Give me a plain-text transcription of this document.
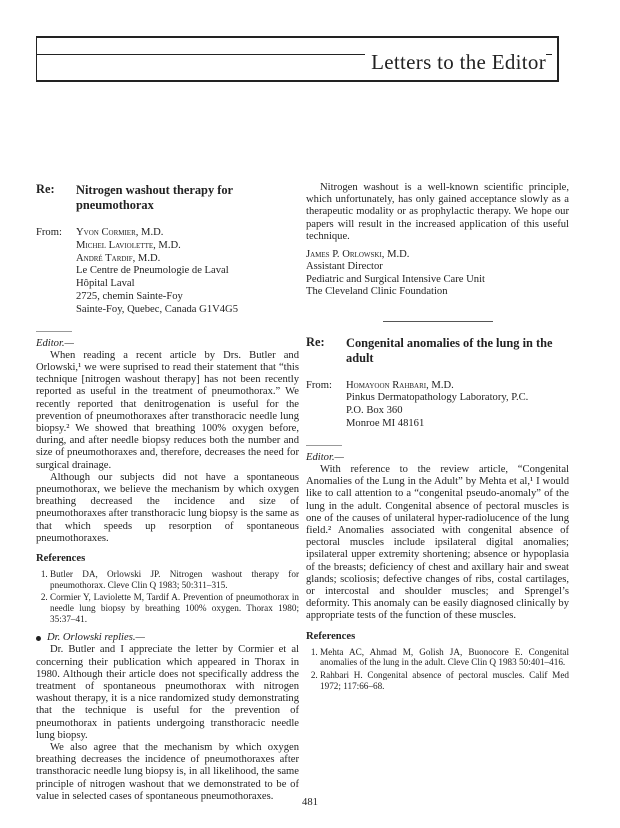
Letters to the Editor
Re:	Nitrogen washout therapy for pneumothorax
From:	Yvon Cormier, M.D.
Michel Laviolette, M.D.
André Tardif, M.D.
Le Centre de Pneumologie de Laval
Hôpital Laval
2725, chemin Sainte-Foy
Sainte-Foy, Quebec, Canada G1V4G5
Editor.—

When reading a recent article by Drs. Butler and Orlowski,¹ we were suprised to read their statement that “this technique [nitrogen washout therapy] has not been recently reported as useful in the treatment of pneumothorax.” We recently reported that denitrogenation is useful for the prevention of pneumothoraxes after transthoracic needle lung biopsy.² We showed that breathing 100% oxygen before, during, and after needle biopsy reduces both the number and size of pneumothoraxes and, therefore, decreases the need for surgical drainage.

Although our subjects did not have a spontaneous pneumothorax, we believe the mechanism by which oxygen breathing decreased the incidence and size of pneumothoraxes after transthoracic lung biopsy is the same as that which speeds up resorption of spontaneous pneumothoraxes.

References
1. Butler DA, Orlowski JP. Nitrogen washout therapy for pneumothorax. Cleve Clin Q 1983; 50:311–315.
2. Cormier Y, Laviolette M, Tardif A. Prevention of pneumothorax in needle lung biopsy by breathing 100% oxygen. Thorax 1980; 35:37–41.
Dr. Orlowski replies.—

Dr. Butler and I appreciate the letter by Cormier et al concerning their publication which appeared in Thorax in 1980. Although their article does not specifically address the treatment of spontaneous pneumothorax with nitrogen washout therapy, it is a nice randomized study demonstrating that the technique is useful for the prevention of pneumothorax in patients undergoing transthoracic needle lung biopsy.

We also agree that the mechanism by which oxygen breathing decreases the incidence of pneumothoraxes after transthoracic needle lung biopsy is, in all likelihood, the same principle of nitrogen washout that we demonstrated to be of value in selected cases of spontaneous pneumothoraxes.

Nitrogen washout is a well-known scientific principle, which unfortunately, has only gained acceptance slowly as a therapeutic modality or as prophylactic therapy. We hope our papers will result in the increased application of this useful technique.

James P. Orlowski, M.D.
Assistant Director
Pediatric and Surgical Intensive Care Unit
The Cleveland Clinic Foundation
Re:	Congenital anomalies of the lung in the adult
From:	Homayoon Rahbari, M.D.
Pinkus Dermatopathology Laboratory, P.C.
P.O. Box 360
Monroe MI 48161
Editor.—

With reference to the review article, “Congenital Anomalies of the Lung in the Adult” by Mehta et al,¹ I would like to call attention to a “congenital pseudo-anomaly” of the lung in the adult. Congenital absence of pectoral muscles is one of the causes of unilateral hyper-radiolucence of the lung field.² Anomalies associated with congenital absence of pectoral muscles include ipsilateral digital anomalies; ipsilateral upper extremity shortening; absence or hypoplasia of the breasts; deficiency of chest and axillary hair and sweat glands; scoliosis; defective changes of ribs, costal cartilages, or intercostal and shoulder muscles; and Sprengel’s deformity. This anomaly can be easily diagnosed clinically by appropriate tests of the function of these muscles.

References
1. Mehta AC, Ahmad M, Golish JA, Buonocore E. Congenital anomalies of the lung in the adult. Cleve Clin Q 1983 50:401–416.
2. Rahbari H. Congenital absence of pectoral muscles. Calif Med 1972; 117:66–68.
481
